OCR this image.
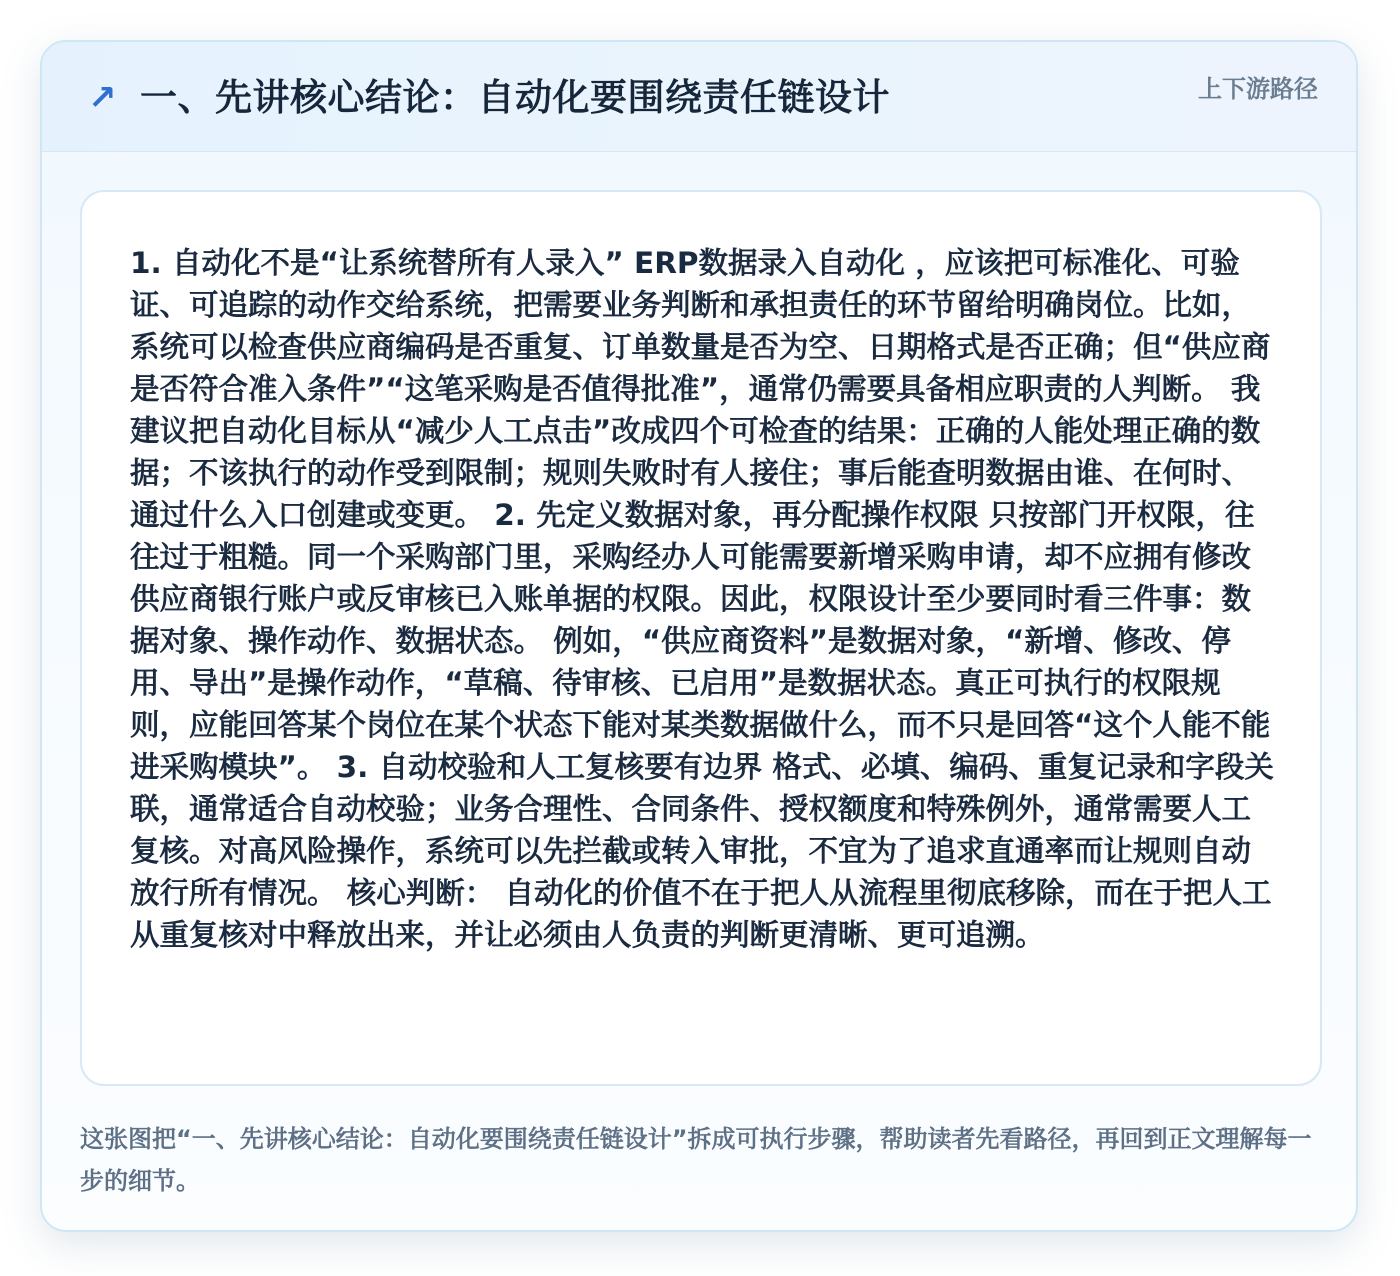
↗ 一、先讲核心结论：自动化要围绕责任链设计	上下游路径

1. 自动化不是“让系统替所有人录入” ERP数据录入自动化 ，应该把可标准化、可验证、可追踪的动作交给系统，把需要业务判断和承担责任的环节留给明确岗位。比如，系统可以检查供应商编码是否重复、订单数量是否为空、日期格式是否正确；但“供应商是否符合准入条件”“这笔采购是否值得批准”，通常仍需要具备相应职责的人判断。 我建议把自动化目标从“减少人工点击”改成四个可检查的结果：正确的人能处理正确的数据；不该执行的动作受到限制；规则失败时有人接住；事后能查明数据由谁、在何时、通过什么入口创建或变更。 2. 先定义数据对象，再分配操作权限 只按部门开权限，往往过于粗糙。同一个采购部门里，采购经办人可能需要新增采购申请，却不应拥有修改供应商银行账户或反审核已入账单据的权限。因此，权限设计至少要同时看三件事：数据对象、操作动作、数据状态。 例如，“供应商资料”是数据对象，“新增、修改、停用、导出”是操作动作，“草稿、待审核、已启用”是数据状态。真正可执行的权限规则，应能回答某个岗位在某个状态下能对某类数据做什么，而不只是回答“这个人能不能进采购模块”。 3. 自动校验和人工复核要有边界 格式、必填、编码、重复记录和字段关联，通常适合自动校验；业务合理性、合同条件、授权额度和特殊例外，通常需要人工复核。对高风险操作，系统可以先拦截或转入审批，不宜为了追求直通率而让规则自动放行所有情况。 核心判断： 自动化的价值不在于把人从流程里彻底移除，而在于把人工从重复核对中释放出来，并让必须由人负责的判断更清晰、更可追溯。

这张图把“一、先讲核心结论：自动化要围绕责任链设计”拆成可执行步骤，帮助读者先看路径，再回到正文理解每一步的细节。
